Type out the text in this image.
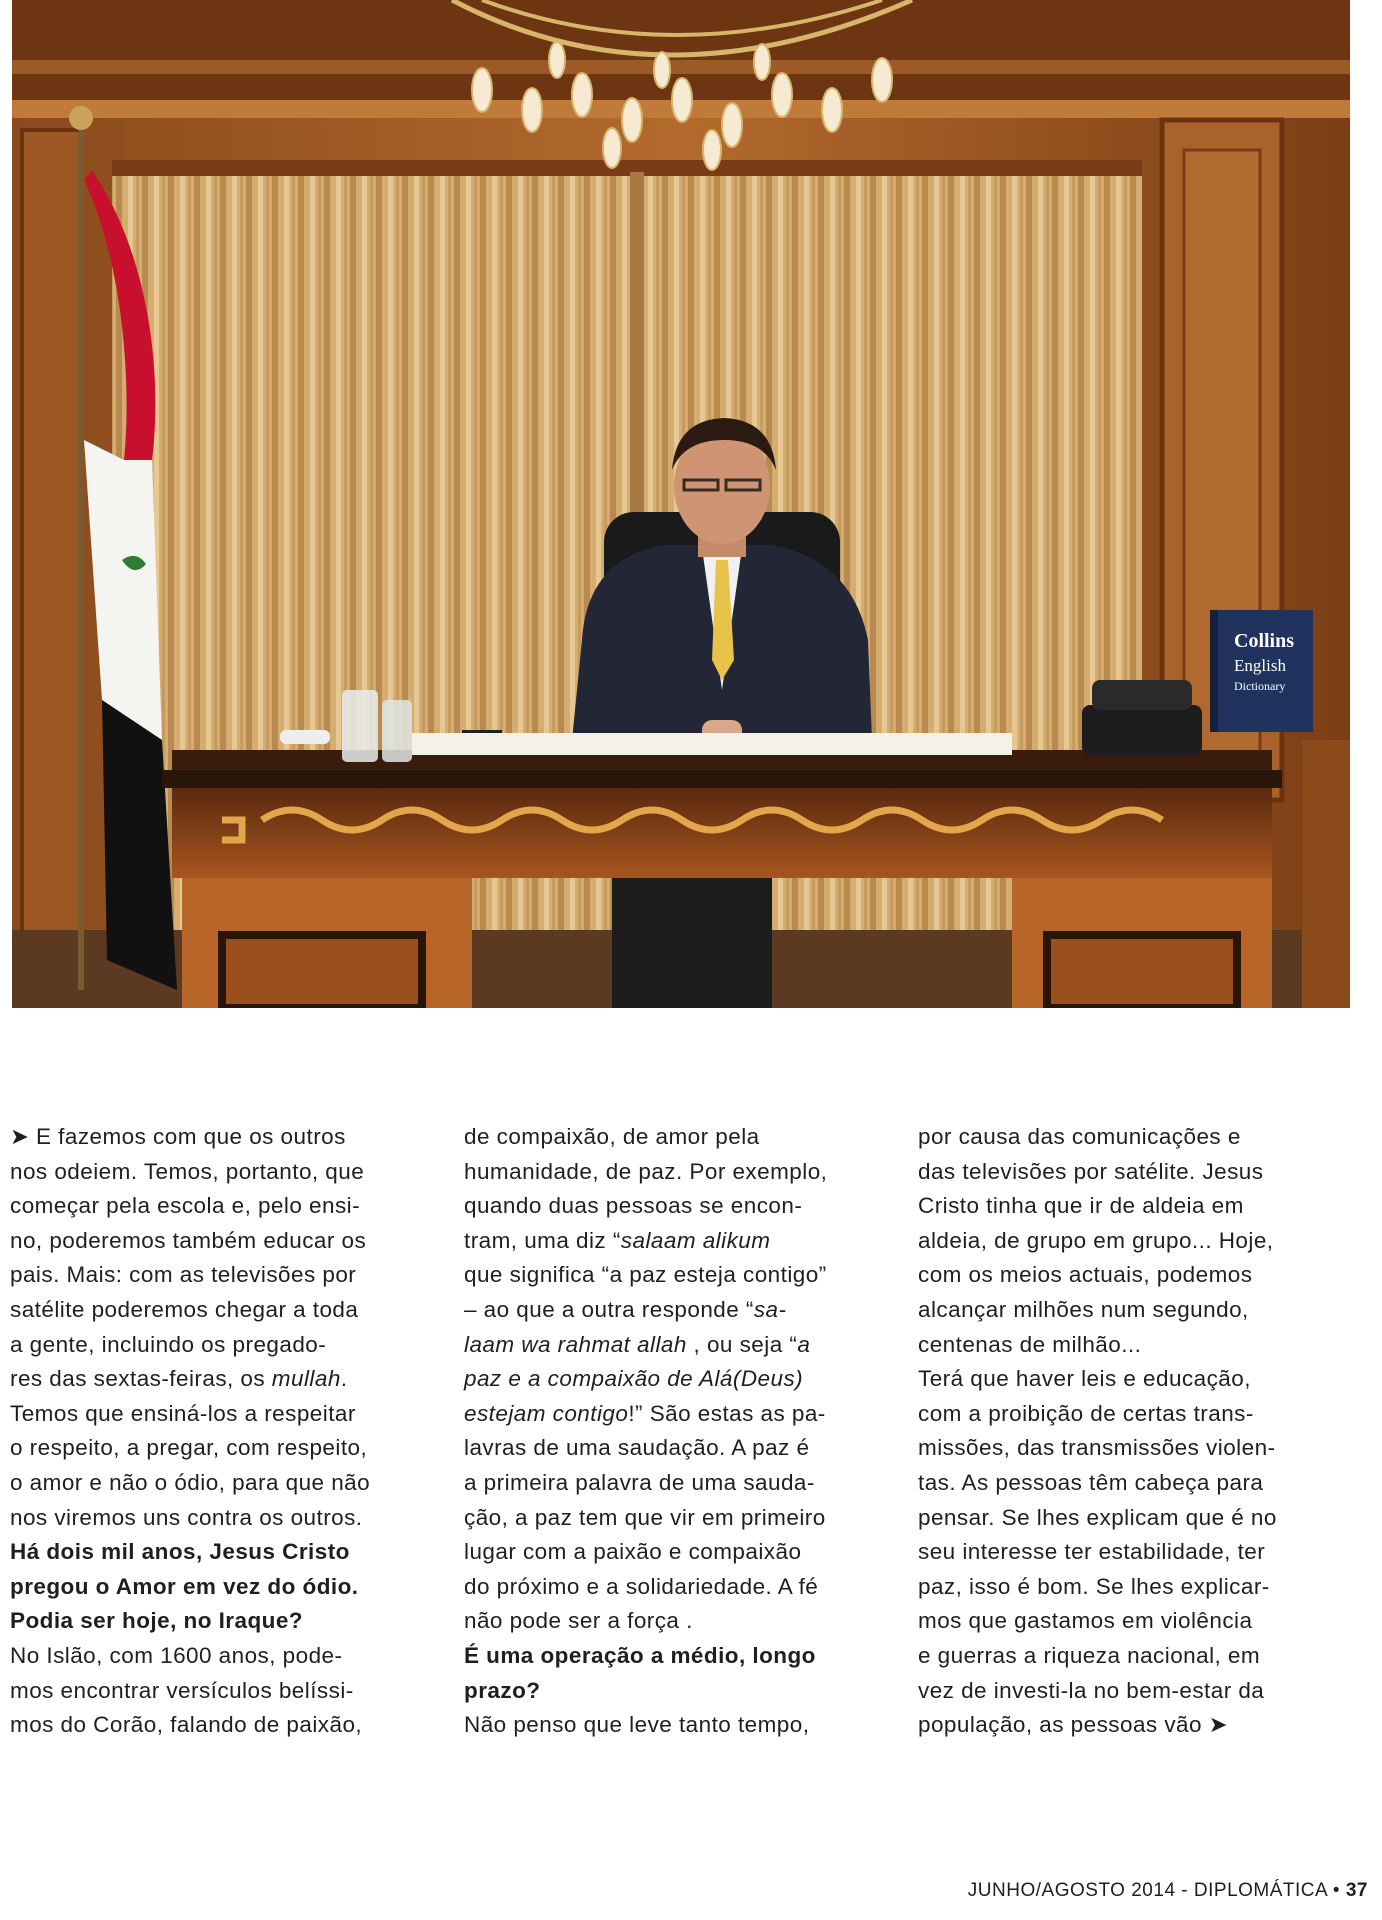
Collins
English
Dictionary
➤ E fazemos com que os outros
nos odeiem. Temos, portanto, que
começar pela escola e, pelo ensi-
no, poderemos também educar os
pais. Mais: com as televisões por
satélite poderemos chegar a toda
a gente, incluindo os pregado-
res das sextas-feiras, os mullah.
Temos que ensiná-los a respeitar
o respeito, a pregar, com respeito,
o amor e não o ódio, para que não
nos viremos uns contra os outros.
Há dois mil anos, Jesus Cristo
pregou o Amor em vez do ódio.
Podia ser hoje, no Iraque?
No Islão, com 1600 anos, pode-
mos encontrar versículos belíssi-
mos do Corão, falando de paixão,
de compaixão, de amor pela
humanidade, de paz. Por exemplo,
quando duas pessoas se encon-
tram, uma diz “salaam alikum
que significa “a paz esteja contigo”
– ao que a outra responde “sa-
laam wa rahmat allah , ou seja “a
paz e a compaixão de Alá(Deus)
estejam contigo!” São estas as pa-
lavras de uma saudação. A paz é
a primeira palavra de uma sauda-
ção, a paz tem que vir em primeiro
lugar com a paixão e compaixão
do próximo e a solidariedade. A fé
não pode ser a força .
É uma operação a médio, longo
prazo?
Não penso que leve tanto tempo,
por causa das comunicações e
das televisões por satélite. Jesus
Cristo tinha que ir de aldeia em
aldeia, de grupo em grupo... Hoje,
com os meios actuais, podemos
alcançar milhões num segundo,
centenas de milhão...
Terá que haver leis e educação,
com a proibição de certas trans-
missões, das transmissões violen-
tas. As pessoas têm cabeça para
pensar. Se lhes explicam que é no
seu interesse ter estabilidade, ter
paz, isso é bom. Se lhes explicar-
mos que gastamos em violência
e guerras a riqueza nacional, em
vez de investi-la no bem-estar da
população, as pessoas vão ➤
JUNHO/AGOSTO 2014 - DIPLOMÁTICA • 37
